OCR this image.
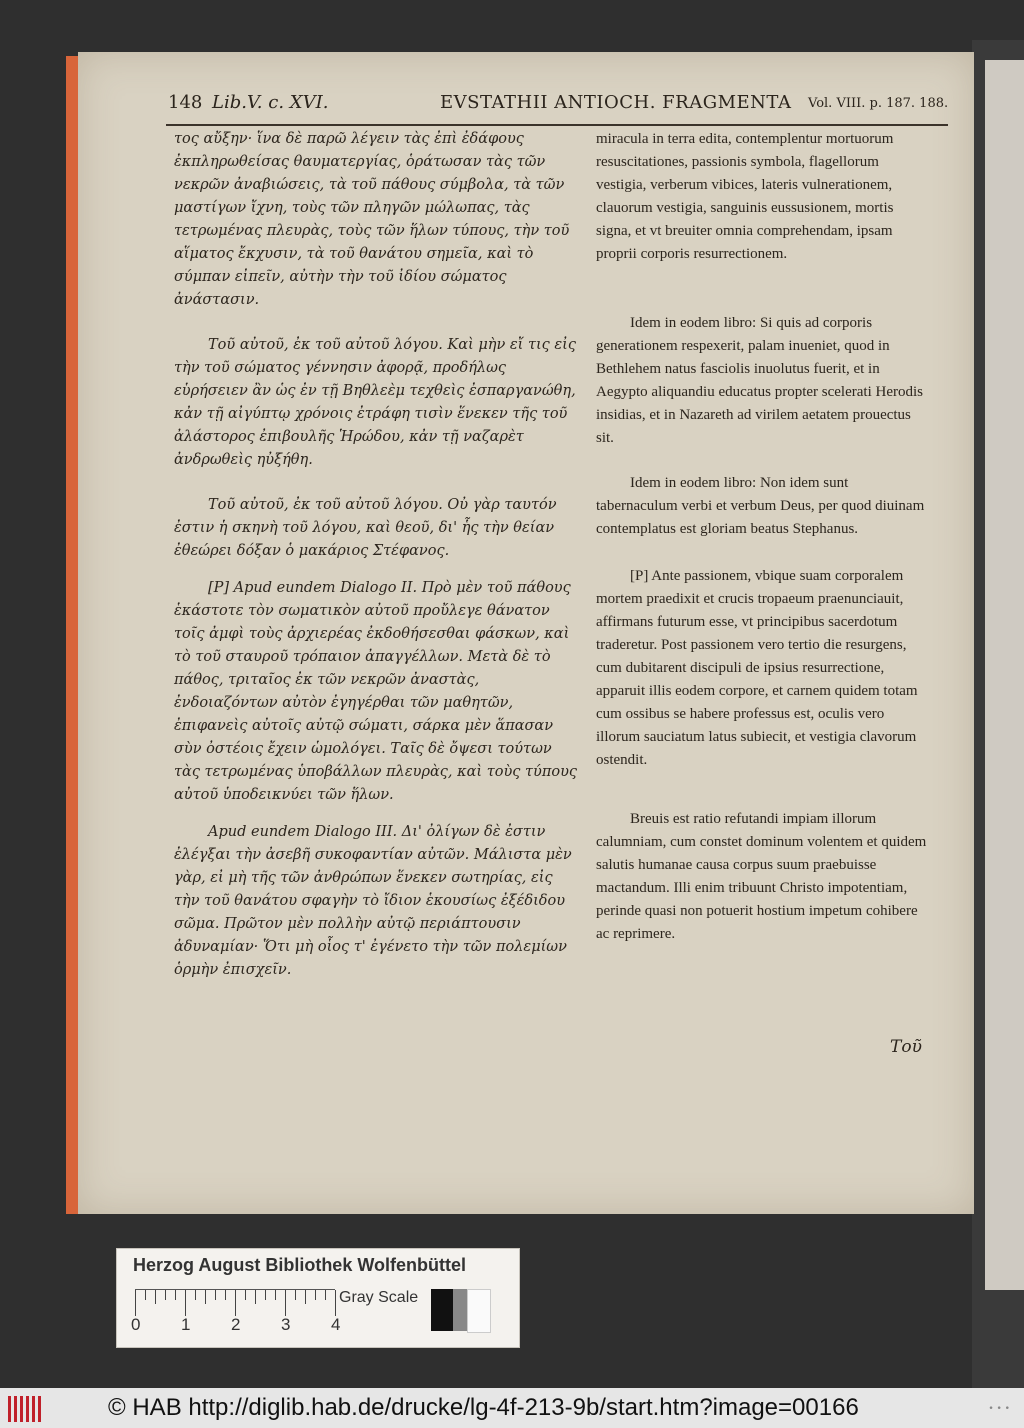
148 Lib.V. c. XVI.	EVSTATHII ANTIOCH. FRAGMENTA Vol. VIII. p. 187. 188.

τος αὔξην· ἵνα δὲ παρῶ λέγειν τὰς ἐπὶ ἐδάφους ἐκπληρωθείσας θαυματεργίας, ὁράτωσαν τὰς τῶν νεκρῶν ἀναβιώσεις, τὰ τοῦ πάθους σύμβολα, τὰ τῶν μαστίγων ἴχνη, τοὺς τῶν πληγῶν μώλωπας, τὰς τετρωμένας πλευρὰς, τοὺς τῶν ἥλων τύπους, τὴν τοῦ αἵματος ἔκχυσιν, τὰ τοῦ θανάτου σημεῖα, καὶ τὸ σύμπαν εἰπεῖν, αὐτὴν τὴν τοῦ ἰδίου σώματος ἀνάστασιν.

Τοῦ αὐτοῦ, ἐκ τοῦ αὐτοῦ λόγου. Καὶ μὴν εἴ τις εἰς τὴν τοῦ σώματος γέννησιν ἀφορᾷ, προδήλως εὑρήσειεν ἂν ὡς ἐν τῇ Βηθλεὲμ τεχθεὶς ἐσπαργανώθη, κἀν τῇ αἰγύπτῳ χρόνοις ἐτράφη τισὶν ἕνεκεν τῆς τοῦ ἀλάστορος ἐπιβουλῆς Ἡρώδου, κἀν τῇ ναζαρὲτ ἀνδρωθεὶς ηὐξήθη.

Τοῦ αὐτοῦ, ἐκ τοῦ αὐτοῦ λόγου. Οὐ γὰρ ταυτόν ἐστιν ἡ σκηνὴ τοῦ λόγου, καὶ θεοῦ, δι' ἧς τὴν θείαν ἐθεώρει δόξαν ὁ μακάριος Στέφανος.

[P] Apud eundem Dialogo II. Πρὸ μὲν τοῦ πάθους ἑκάστοτε τὸν σωματικὸν αὐτοῦ προὔλεγε θάνατον τοῖς ἀμφὶ τοὺς ἀρχιερέας ἐκδοθήσεσθαι φάσκων, καὶ τὸ τοῦ σταυροῦ τρόπαιον ἀπαγγέλλων. Μετὰ δὲ τὸ πάθος, τριταῖος ἐκ τῶν νεκρῶν ἀναστὰς, ἐνδοιαζόντων αὐτὸν ἐγηγέρθαι τῶν μαθητῶν, ἐπιφανεὶς αὐτοῖς αὐτῷ σώματι, σάρκα μὲν ἅπασαν σὺν ὀστέοις ἔχειν ὡμολόγει. Ταῖς δὲ ὄψεσι τούτων τὰς τετρωμένας ὑποβάλλων πλευρὰς, καὶ τοὺς τύπους αὐτοῦ ὑποδεικνύει τῶν ἥλων.

Apud eundem Dialogo III. Δι' ὀλίγων δὲ ἐστιν ἐλέγξαι τὴν ἀσεβῆ συκοφαντίαν αὐτῶν. Μάλιστα μὲν γὰρ, εἰ μὴ τῆς τῶν ἀνθρώπων ἕνεκεν σωτηρίας, εἰς τὴν τοῦ θανάτου σφαγὴν τὸ ἴδιον ἑκουσίως ἐξέδιδου σῶμα. Πρῶτον μὲν πολλὴν αὐτῷ περιάπτουσιν ἀδυναμίαν· Ὅτι μὴ οἷος τ' ἐγένετο τὴν τῶν πολεμίων ὁρμὴν ἐπισχεῖν.

miracula in terra edita, contemplentur mortuorum resuscitationes, passionis symbola, flagellorum vestigia, verberum vibices, lateris vulnerationem, clauorum vestigia, sanguinis eussusionem, mortis signa, et vt breuiter omnia comprehendam, ipsam proprii corporis resurrectionem.

Idem in eodem libro: Si quis ad corporis generationem respexerit, palam inueniet, quod in Bethlehem natus fasciolis inuolutus fuerit, et in Aegypto aliquandiu educatus propter scelerati Herodis insidias, et in Nazareth ad virilem aetatem prouectus sit.

Idem in eodem libro: Non idem sunt tabernaculum verbi et verbum Deus, per quod diuinam contemplatus est gloriam beatus Stephanus.

[P] Ante passionem, vbique suam corporalem mortem praedixit et crucis tropaeum praenunciauit, affirmans futurum esse, vt principibus sacerdotum traderetur. Post passionem vero tertio die resurgens, cum dubitarent discipuli de ipsius resurrectione, apparuit illis eodem corpore, et carnem quidem totam cum ossibus se habere professus est, oculis vero illorum sauciatum latus subiecit, et vestigia clavorum ostendit.

Breuis est ratio refutandi impiam illorum calumniam, cum constet dominum volentem et quidem salutis humanae causa corpus suum praebuisse mactandum. Illi enim tribuunt Christo impotentiam, perinde quasi non potuerit hostium impetum cohibere ac reprimere.

Τοῦ
Herzog August Bibliothek Wolfenbüttel
0 1 2 3 4
Gray Scale
© HAB http://diglib.hab.de/drucke/lg-4f-213-9b/start.htm?image=00166	• • •
